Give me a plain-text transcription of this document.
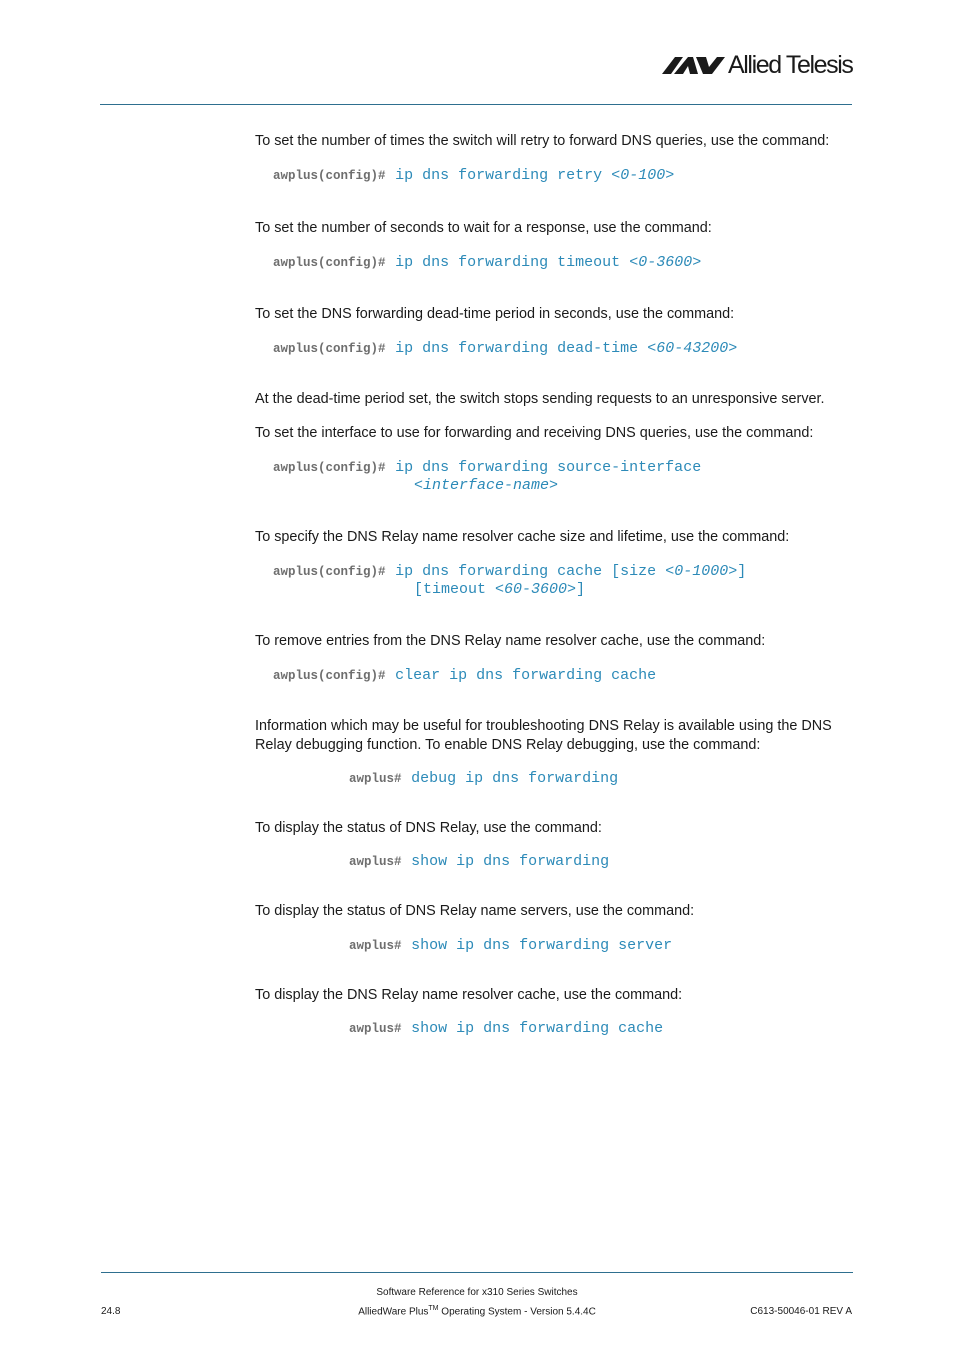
Allied Telesis
To set the number of times the switch will retry to forward DNS queries, use the command:
awplus(config)# ip dns forwarding retry <0-100>
To set the number of seconds to wait for a response, use the command:
awplus(config)# ip dns forwarding timeout <0-3600>
To set the DNS forwarding dead-time period in seconds, use the command:
awplus(config)# ip dns forwarding dead-time <60-43200>
At the dead-time period set, the switch stops sending requests to an unresponsive server.
To set the interface to use for forwarding and receiving DNS queries, use the command:
awplus(config)# ip dns forwarding source-interface
<interface-name>
To specify the DNS Relay name resolver cache size and lifetime, use the command:
awplus(config)# ip dns forwarding cache [size <0-1000>]
[timeout <60-3600>]
To remove entries from the DNS Relay name resolver cache, use the command:
awplus(config)# clear ip dns forwarding cache
Information which may be useful for troubleshooting DNS Relay is available using the DNS Relay debugging function. To enable DNS Relay debugging, use the command:
awplus# debug ip dns forwarding
To display the status of DNS Relay, use the command:
awplus# show ip dns forwarding
To display the status of DNS Relay name servers, use the command:
awplus# show ip dns forwarding server
To display the DNS Relay name resolver cache, use the command:
awplus# show ip dns forwarding cache
Software Reference for x310 Series Switches
AlliedWare Plus™ Operating System - Version 5.4.4C
24.8	C613-50046-01 REV A
